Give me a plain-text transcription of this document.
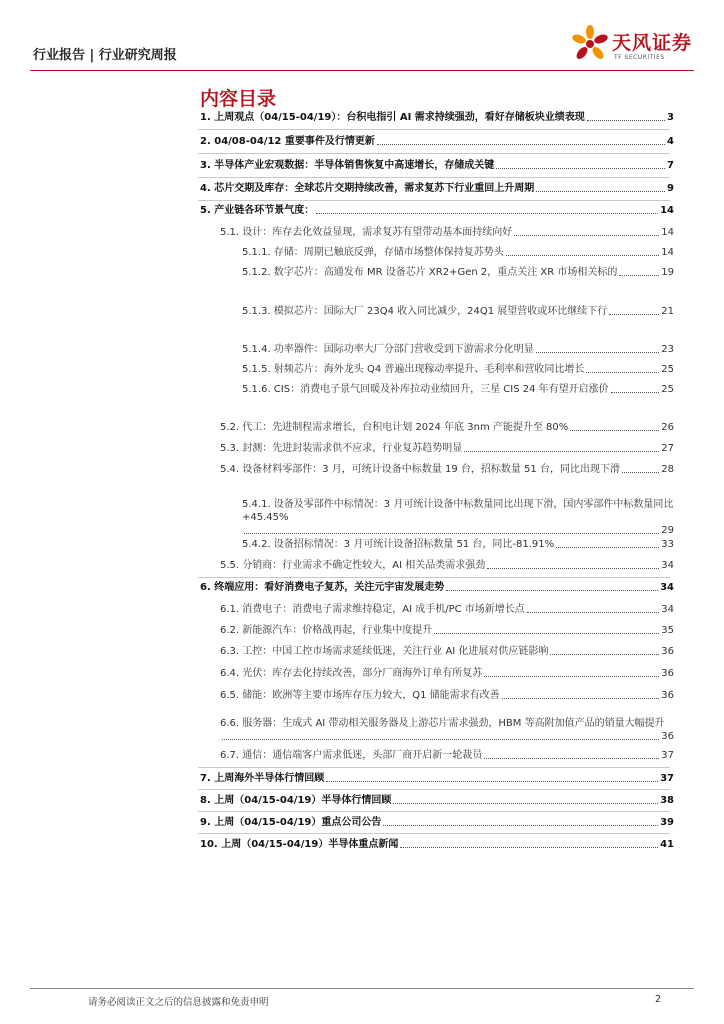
行业报告 | 行业研究周报
天风证券
TF SECURITIES
内容目录
1. 上周观点（04/15-04/19）：台积电指引 AI 需求持续强劲，看好存储板块业绩表现	3
2. 04/08-04/12 重要事件及行情更新	4
3. 半导体产业宏观数据：半导体销售恢复中高速增长，存储成关键	7
4. 芯片交期及库存：全球芯片交期持续改善，需求复苏下行业重回上升周期	9
5. 产业链各环节景气度：	14
5.1. 设计：库存去化效益显现，需求复苏有望带动基本面持续向好	14
5.1.1. 存储：周期已触底反弹，存储市场整体保持复苏势头	14
5.1.2. 数字芯片：高通发布 MR 设备芯片 XR2+Gen 2，重点关注 XR 市场相关标的	19
5.1.3. 模拟芯片：国际大厂 23Q4 收入同比减少，24Q1 展望营收或环比继续下行	21
5.1.4. 功率器件：国际功率大厂分部门营收受到下游需求分化明显	23
5.1.5. 射频芯片：海外龙头 Q4 普遍出现稼动率提升、毛利率和营收同比增长	25
5.1.6. CIS：消费电子景气回暖及补库拉动业绩回升，三星 CIS 24 年有望开启涨价	25
5.2. 代工：先进制程需求增长，台积电计划 2024 年底 3nm 产能提升至 80%	26
5.3. 封测：先进封装需求供不应求，行业复苏趋势明显	27
5.4. 设备材料零部件：3 月，可统计设备中标数量 19 台，招标数量 51 台，同比出现下滑	28
5.4.1. 设备及零部件中标情况：3 月可统计设备中标数量同比出现下滑，国内零部件中标数量同比+45.45%
29
5.4.2. 设备招标情况：3 月可统计设备招标数量 51 台，同比-81.91%	33
5.5. 分销商：行业需求不确定性较大，AI 相关品类需求强劲	34
6. 终端应用：看好消费电子复苏，关注元宇宙发展走势	34
6.1. 消费电子：消费电子需求维持稳定，AI 成手机/PC 市场新增长点	34
6.2. 新能源汽车：价格战再起，行业集中度提升	35
6.3. 工控：中国工控市场需求延续低迷，关注行业 AI 化进展对供应链影响	36
6.4. 光伏：库存去化持续改善，部分厂商海外订单有所复苏	36
6.5. 储能：欧洲等主要市场库存压力较大，Q1 储能需求有改善	36
6.6. 服务器：生成式 AI 带动相关服务器及上游芯片需求强劲，HBM 等高附加值产品的销量大幅提升
36
6.7. 通信：通信端客户需求低迷，头部厂商开启新一轮裁员	37
7. 上周海外半导体行情回顾	37
8. 上周（04/15-04/19）半导体行情回顾	38
9. 上周（04/15-04/19）重点公司公告	39
10. 上周（04/15-04/19）半导体重点新闻	41
请务必阅读正文之后的信息披露和免责申明	2
